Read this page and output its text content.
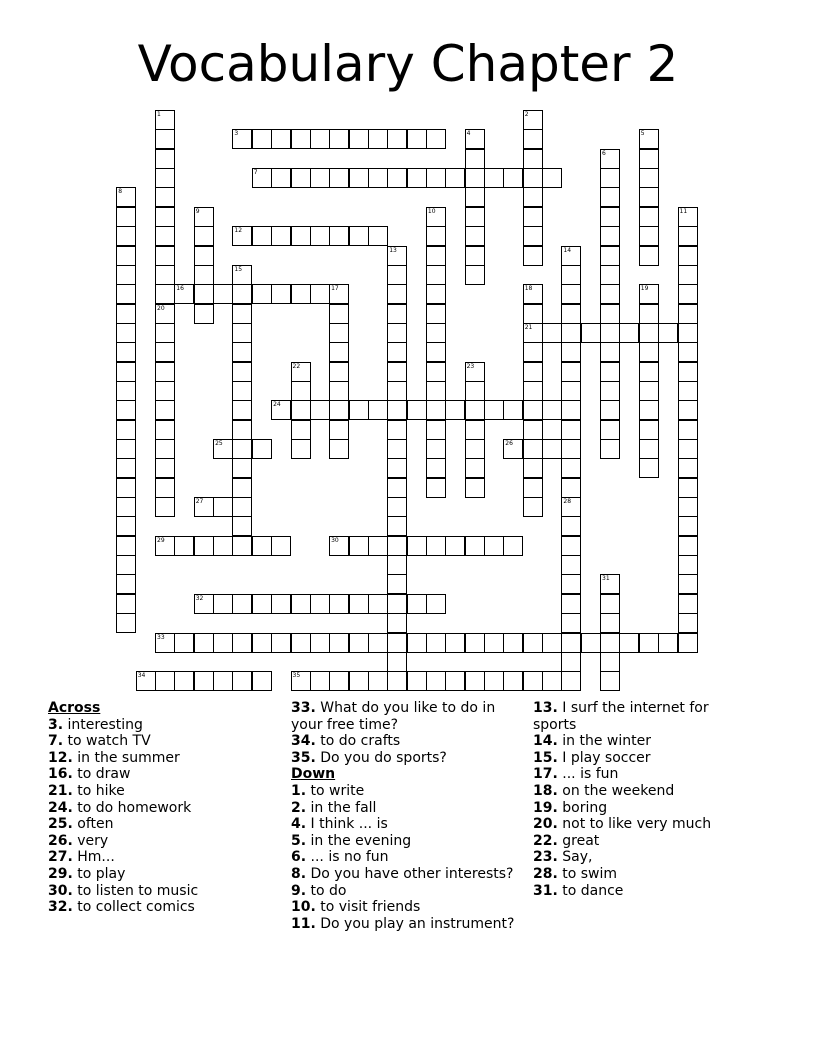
Vocabulary Chapter 2
1
20
2
3	4	5
6
7
8
9	10	11
12
13	14
28
15
16	17	18
21
19
22	23
24
25	26
27
29	30
31
32
33
34	35
Across
3. interesting
7. to watch TV
12. in the summer
16. to draw
21. to hike
24. to do homework
25. often
26. very
27. Hm...
29. to play
30. to listen to music
32. to collect comics
33. What do you like to do in your free time?
34. to do crafts
35. Do you do sports?
Down
1. to write
2. in the fall
4. I think ... is
5. in the evening
6. ... is no fun
8. Do you have other interests?
9. to do
10. to visit friends
11. Do you play an instrument?
13. I surf the internet for sports
14. in the winter
15. I play soccer
17. ... is fun
18. on the weekend
19. boring
20. not to like very much
22. great
23. Say,
28. to swim
31. to dance
